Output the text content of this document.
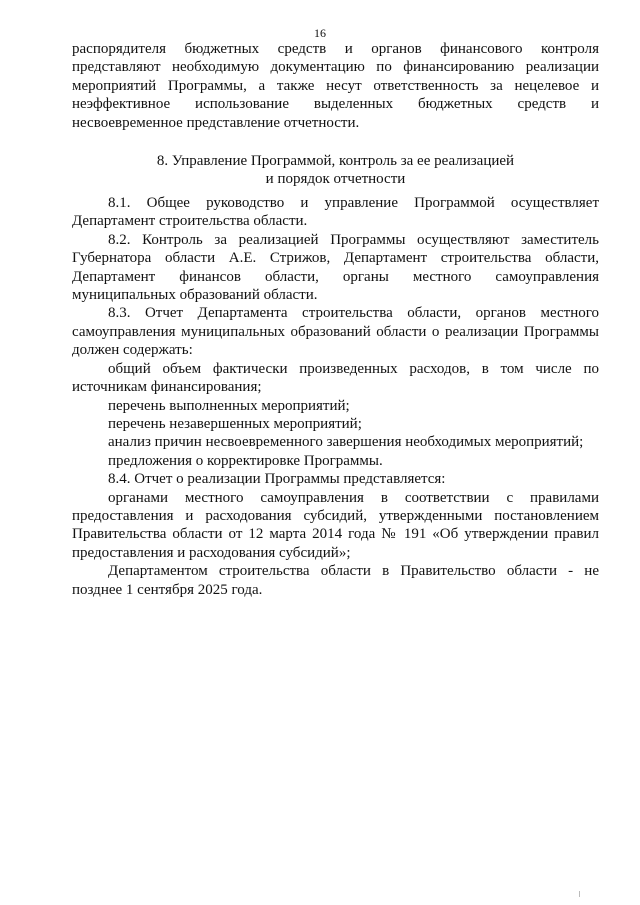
16

распорядителя бюджетных средств и органов финансового контроля представляют необходимую документацию по финансированию реализации мероприятий Программы, а также несут ответственность за нецелевое и неэффективное использование выделенных бюджетных средств и несвоевременное представление отчетности.

8. Управление Программой, контроль за ее реализацией
и порядок отчетности

8.1. Общее руководство и управление Программой осуществляет Департамент строительства области.

8.2. Контроль за реализацией Программы осуществляют заместитель Губернатора области А.Е. Стрижов, Департамент строительства области, Департамент финансов области, органы местного самоуправления муниципальных образований области.

8.3. Отчет Департамента строительства области, органов местного самоуправления муниципальных образований области о реализации Программы должен содержать:

общий объем фактически произведенных расходов, в том числе по источникам финансирования;

перечень выполненных мероприятий;

перечень незавершенных мероприятий;

анализ причин несвоевременного завершения необходимых мероприятий;

предложения о корректировке Программы.

8.4. Отчет о реализации Программы представляется:

органами местного самоуправления в соответствии с правилами предоставления и расходования субсидий, утвержденными постановлением Правительства области от 12 марта 2014 года № 191 «Об утверждении правил предоставления и расходования субсидий»;

Департаментом строительства области в Правительство области - не позднее 1 сентября 2025 года.
